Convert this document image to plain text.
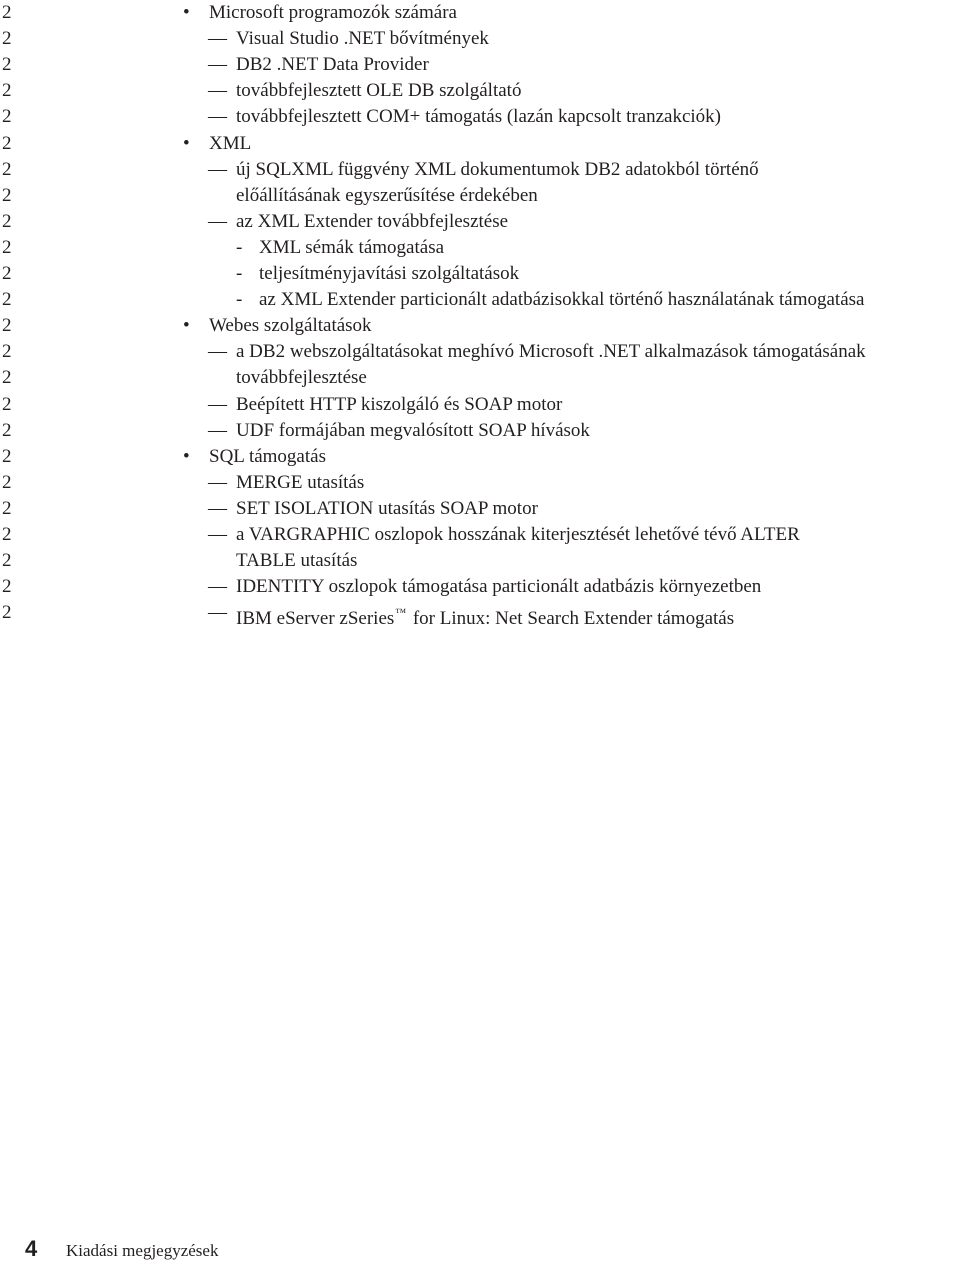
2	• Microsoft programozók számára
2	— Visual Studio .NET bővítmények
2	— DB2 .NET Data Provider
2	— továbbfejlesztett OLE DB szolgáltató
2	— továbbfejlesztett COM+ támogatás (lazán kapcsolt tranzakciók)
2	• XML
2	— új SQLXML függvény XML dokumentumok DB2 adatokból történő
2	előállításának egyszerűsítése érdekében
2	— az XML Extender továbbfejlesztése
2	- XML sémák támogatása
2	- teljesítményjavítási szolgáltatások
2	- az XML Extender particionált adatbázisokkal történő használatának támogatása
2	• Webes szolgáltatások
2	— a DB2 webszolgáltatásokat meghívó Microsoft .NET alkalmazások támogatásának
2	továbbfejlesztése
2	— Beépített HTTP kiszolgáló és SOAP motor
2	— UDF formájában megvalósított SOAP hívások
2	• SQL támogatás
2	— MERGE utasítás
2	— SET ISOLATION utasítás SOAP motor
2	— a VARGRAPHIC oszlopok hosszának kiterjesztését lehetővé tévő ALTER
2	TABLE utasítás
2	— IDENTITY oszlopok támogatása particionált adatbázis környezetben
2	— IBM eServer zSeries™ for Linux: Net Search Extender támogatás
4 Kiadási megjegyzések
